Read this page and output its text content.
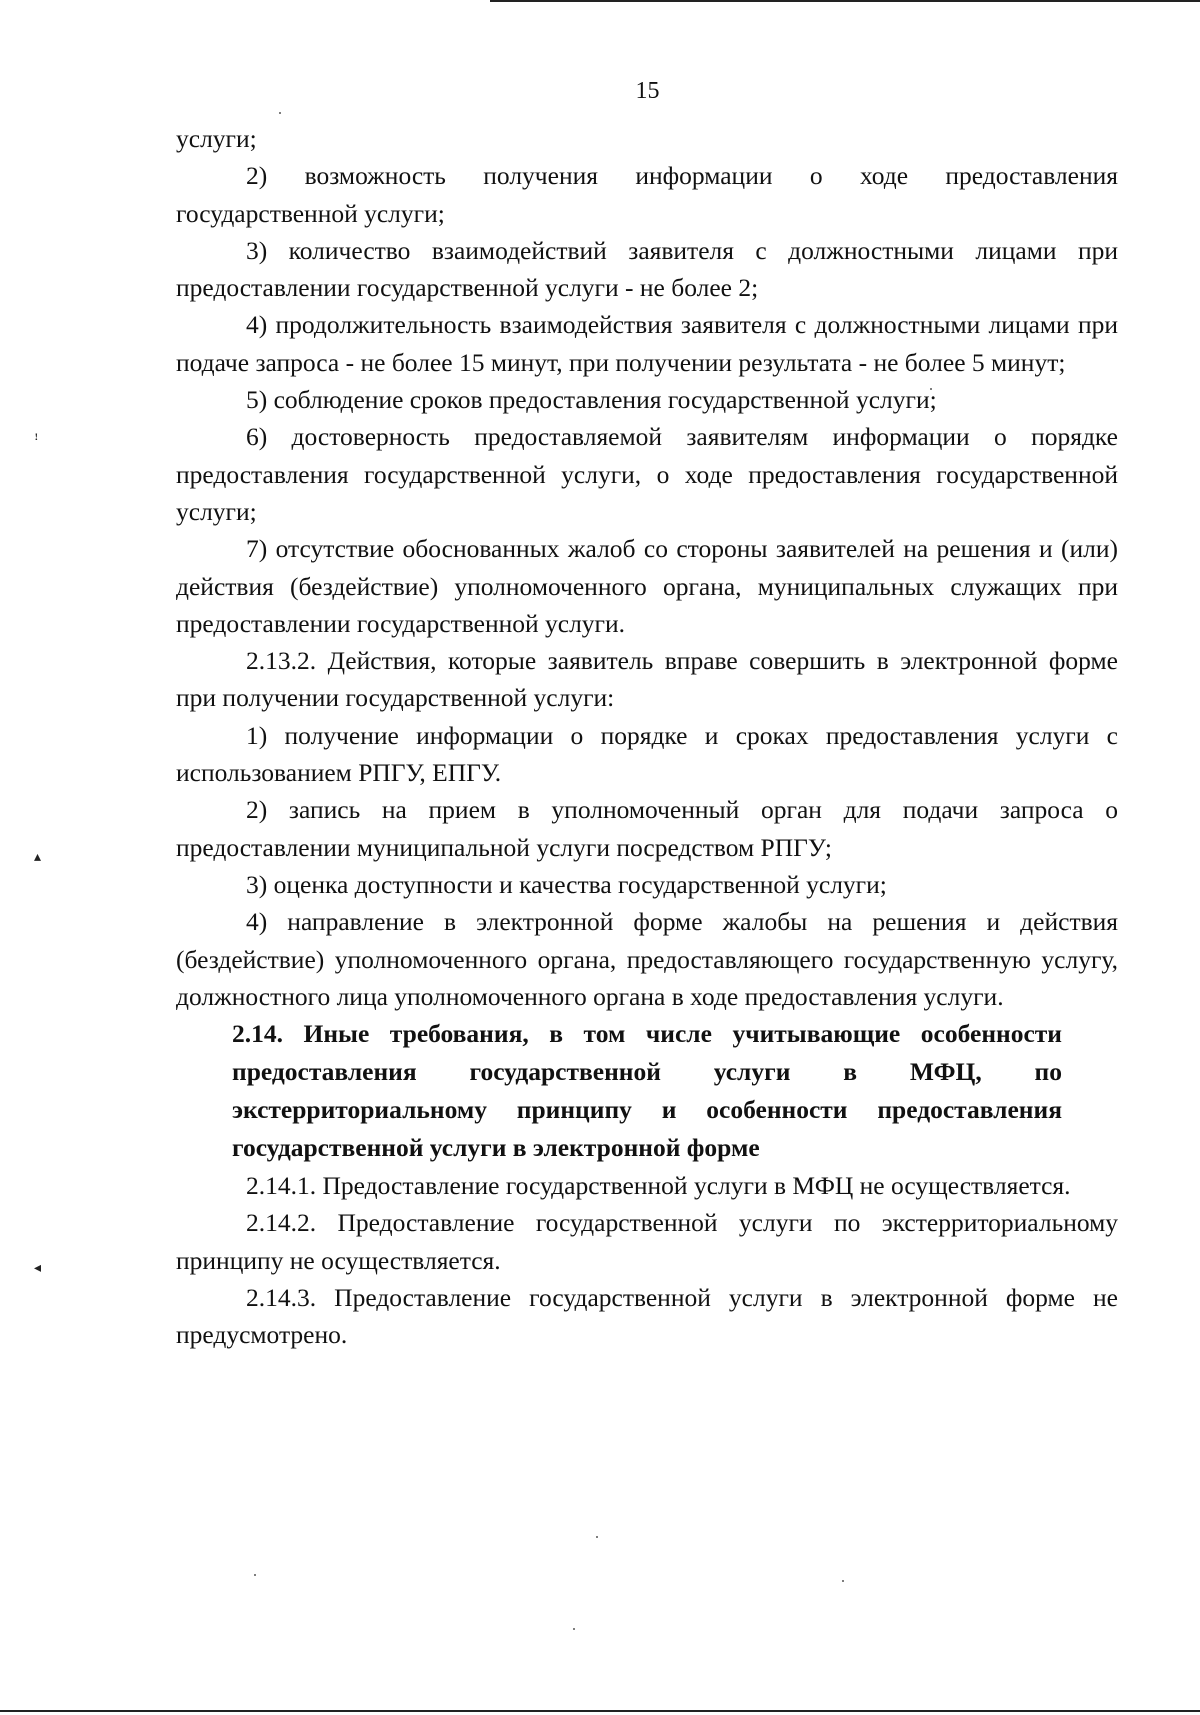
15
ꜝ
▴
◂

услуги;

2) возможность получения информации о ходе предоставления государственной услуги;

3) количество взаимодействий заявителя с должностными лицами при предоставлении государственной услуги - не более 2;

4) продолжительность взаимодействия заявителя с должностными лицами при подаче запроса - не более 15 минут, при получении результата - не более 5 минут;

5) соблюдение сроков предоставления государственной услуги;

6) достоверность предоставляемой заявителям информации о порядке предоставления государственной услуги, о ходе предоставления государственной услуги;

7) отсутствие обоснованных жалоб со стороны заявителей на решения и (или) действия (бездействие) уполномоченного органа, муниципальных служащих при предоставлении государственной услуги.

2.13.2. Действия, которые заявитель вправе совершить в электронной форме при получении государственной услуги:

1) получение информации о порядке и сроках предоставления услуги с использованием РПГУ, ЕПГУ.

2) запись на прием в уполномоченный орган для подачи запроса о предоставлении муниципальной услуги посредством РПГУ;

3) оценка доступности и качества государственной услуги;

4) направление в электронной форме жалобы на решения и действия (бездействие) уполномоченного органа, предоставляющего государственную услугу, должностного лица уполномоченного органа в ходе предоставления услуги.

2.14. Иные требования, в том числе учитывающие особенности предоставления государственной услуги в МФЦ, по экстерриториальному принципу и особенности предоставления государственной услуги в электронной форме

2.14.1. Предоставление государственной услуги в МФЦ не осуществляется.

2.14.2. Предоставление государственной услуги по экстерриториальному принципу не осуществляется.

2.14.3. Предоставление государственной услуги в электронной форме не предусмотрено.
